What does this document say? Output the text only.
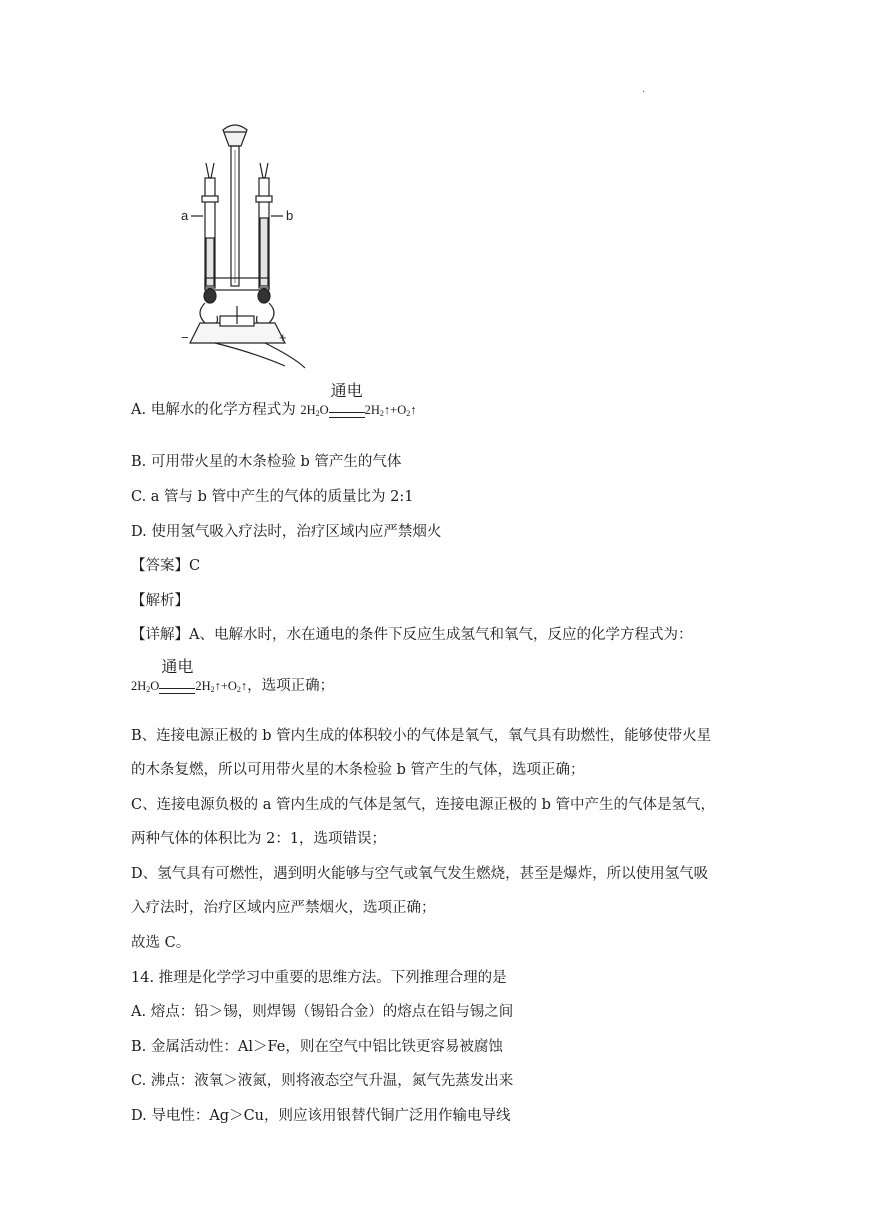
.
a	b
−	+
A. 电解水的化学方程式为 $2H_2O$
通电
$2H_2↑+O_2↑$
B. 可用带火星的木条检验 b 管产生的气体
C. a 管与 b 管中产生的气体的质量比为 2:1
D. 使用氢气吸入疗法时，治疗区域内应严禁烟火
【答案】C
【解析】
【详解】A、电解水时，水在通电的条件下反应生成氢气和氧气，反应的化学方程式为：
$2H_2O$
通电
$2H_2↑+O_2↑$，选项正确；
B、连接电源正极的 b 管内生成的体积较小的气体是氧气，氧气具有助燃性，能够使带火星
的木条复燃，所以可用带火星的木条检验 b 管产生的气体，选项正确；
C、连接电源负极的 a 管内生成的气体是氢气，连接电源正极的 b 管中产生的气体是氢气，
两种气体的体积比为 2：1，选项错误；
D、氢气具有可燃性，遇到明火能够与空气或氧气发生燃烧，甚至是爆炸，所以使用氢气吸
入疗法时，治疗区域内应严禁烟火，选项正确；
故选 C。
14. 推理是化学学习中重要的思维方法。下列推理合理的是
A. 熔点：铅＞锡，则焊锡（锡铅合金）的熔点在铅与锡之间
B. 金属活动性：Al＞Fe，则在空气中铝比铁更容易被腐蚀
C. 沸点：液氧＞液氮，则将液态空气升温，氮气先蒸发出来
D. 导电性：Ag＞Cu，则应该用银替代铜广泛用作输电导线
